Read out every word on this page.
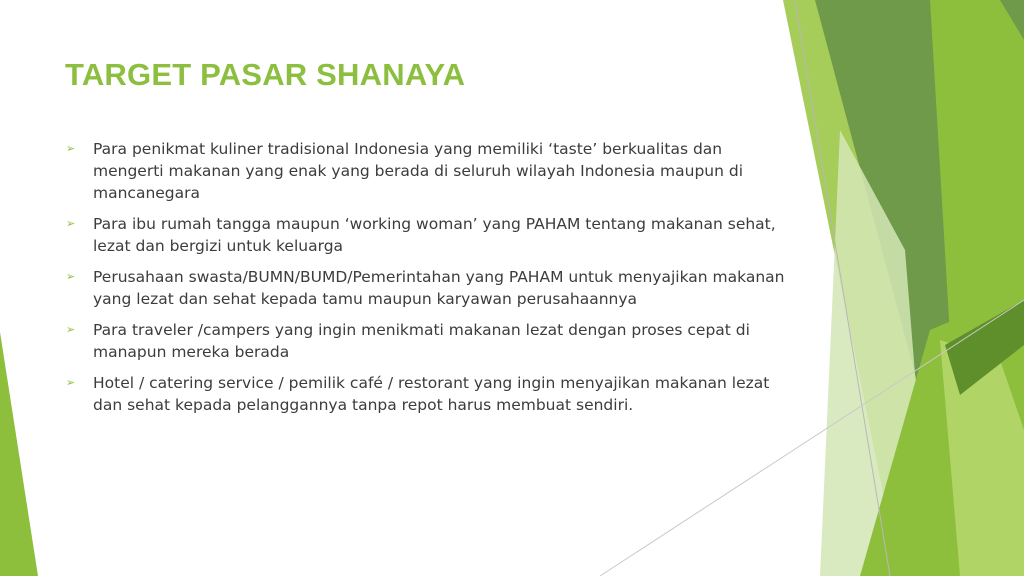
TARGET PASAR SHANAYA
➢ Para penikmat kuliner tradisional Indonesia yang memiliki ‘taste’ berkualitas dan mengerti makanan yang enak yang berada di seluruh wilayah Indonesia maupun di mancanegara
➢ Para ibu rumah tangga maupun ‘working woman’ yang PAHAM tentang makanan sehat, lezat dan bergizi untuk keluarga
➢ Perusahaan swasta/BUMN/BUMD/Pemerintahan yang PAHAM untuk menyajikan makanan yang lezat dan sehat kepada tamu maupun karyawan perusahaannya
➢ Para traveler /campers yang ingin menikmati makanan lezat dengan proses cepat di manapun mereka berada
➢ Hotel / catering service / pemilik café / restorant yang ingin menyajikan makanan lezat dan sehat kepada pelanggannya tanpa repot harus membuat sendiri.
